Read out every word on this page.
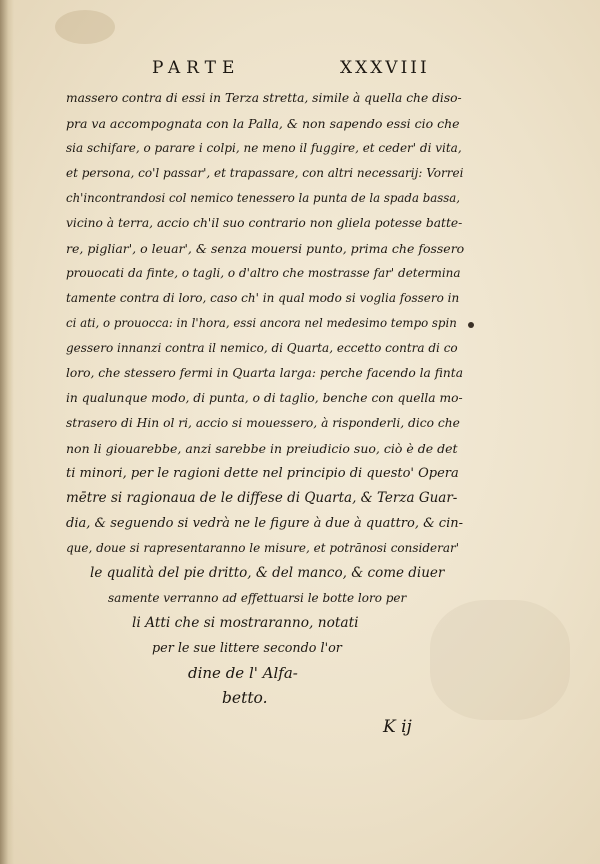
PARTE	XXXVIII
massero contra di essi in Terza stretta, simile à quella che diso-
pra va accompognata con la Palla, & non sapendo essi cio che
sia schifare, o parare i colpi, ne meno il fuggire, et ceder' di vita,
et persona, co'l passar', et trapassare, con altri necessarij: Vorrei
ch'incontrandosi col nemico tenessero la punta de la spada bassa,
vicino à terra, accio ch'il suo contrario non gliela potesse batte-
re, pigliar', o leuar', & senza mouersi punto, prima che fossero
prouocati da finte, o tagli, o d'altro che mostrasse far' determina
tamente contra di loro, caso ch' in qual modo si voglia fossero in
ci ati, o prouocca: in l'hora, essi ancora nel medesimo tempo spin
gessero innanzi contra il nemico, di Quarta, eccetto contra di co
loro, che stessero fermi in Quarta larga: perche facendo la finta
in qualunque modo, di punta, o di taglio, benche con quella mo-
strasero di Hin ol ri, accio si mouessero, à risponderli, dico che
non li giouarebbe, anzi sarebbe in preiudicio suo, ciò è de det
ti minori, per le ragioni dette nel principio di questo' Opera
mētre si ragionaua de le diffese di Quarta, & Terza Guar-
dia, & seguendo si vedrà ne le figure à due à quattro, & cin-
que, doue si rapresentaranno le misure, et potrānosi considerar'
le qualità del pie dritto, & del manco, & come diuer
samente verranno ad effettuarsi le botte loro per
li Atti che si mostraranno, notati
per le sue littere secondo l'or
dine de l' Alfa-
betto.
K ij
